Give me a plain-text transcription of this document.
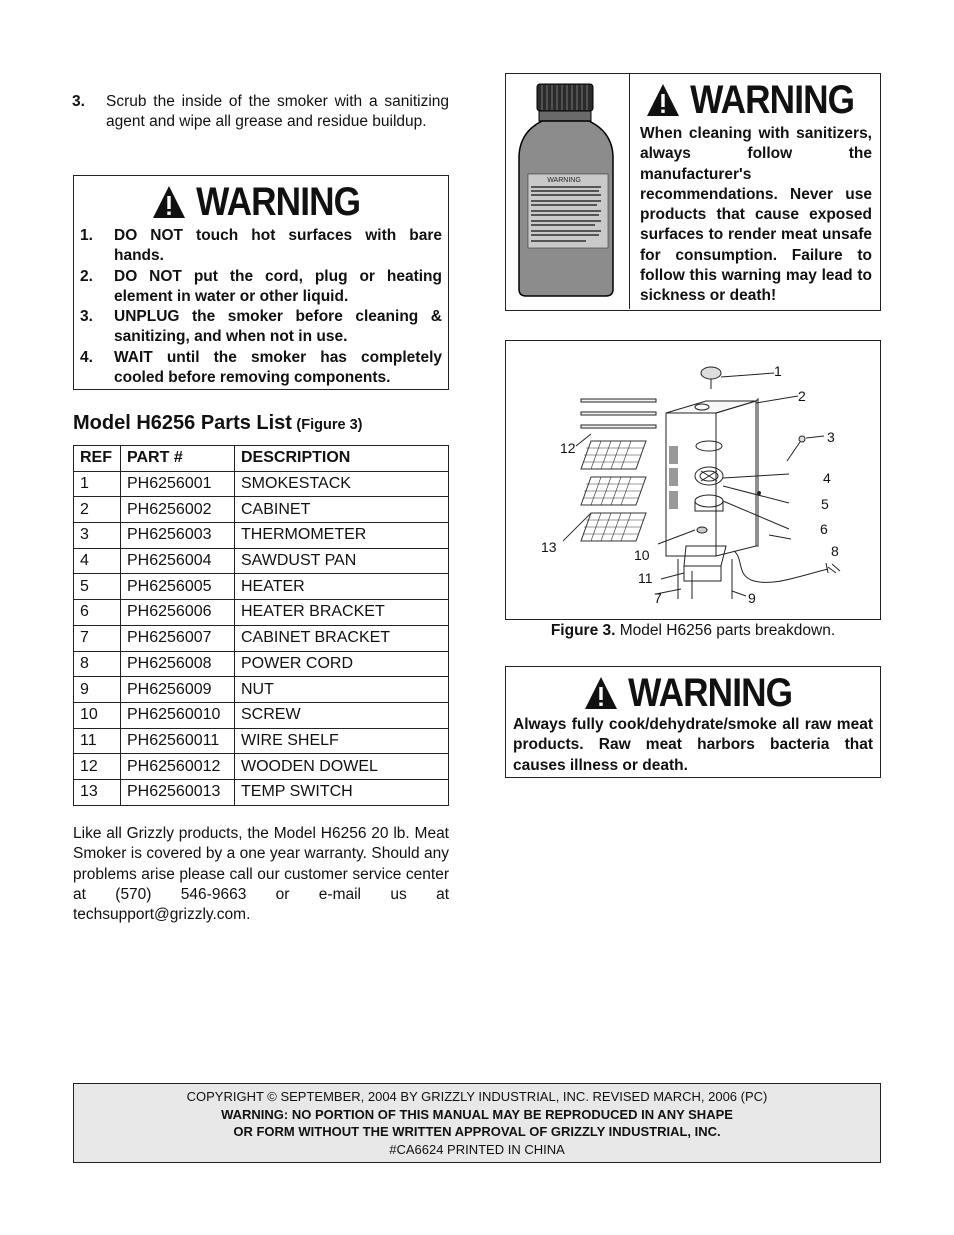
3.	Scrub the inside of the smoker with a sanitizing agent and wipe all grease and residue buildup.
WARNING
1.	DO NOT touch hot surfaces with bare hands.
2.	DO NOT put the cord, plug or heating element in water or other liquid.
3.	UNPLUG the smoker before cleaning & sanitizing, and when not in use.
4.	WAIT until the smoker has completely cooled before removing components.
Model H6256 Parts List (Figure 3)
REF	PART #	DESCRIPTION
1	PH6256001	SMOKESTACK
2	PH6256002	CABINET
3	PH6256003	THERMOMETER
4	PH6256004	SAWDUST PAN
5	PH6256005	HEATER
6	PH6256006	HEATER BRACKET
7	PH6256007	CABINET BRACKET
8	PH6256008	POWER CORD
9	PH6256009	NUT
10	PH62560010	SCREW
11	PH62560011	WIRE SHELF
12	PH62560012	WOODEN DOWEL
13	PH62560013	TEMP SWITCH
Like all Grizzly products, the Model H6256 20 lb. Meat Smoker is covered by a one year warranty. Should any problems arise please call our customer service center at (570) 546-9663 or e-mail us at techsupport@grizzly.com.
WARNING
WARNING
When cleaning with sanitizers, always follow the manufacturer's recommendations. Never use products that cause exposed surfaces to render meat unsafe for consumption. Failure to follow this warning may lead to sickness or death!
1
2
3
4
5
6
7
8
9
10
11
12
13
Figure 3. Model H6256 parts breakdown.
WARNING
Always fully cook/dehydrate/smoke all raw meat products. Raw meat harbors bacteria that causes illness or death.
COPYRIGHT © SEPTEMBER, 2004 BY GRIZZLY INDUSTRIAL, INC. REVISED MARCH, 2006 (PC)
WARNING: NO PORTION OF THIS MANUAL MAY BE REPRODUCED IN ANY SHAPE
OR FORM WITHOUT THE WRITTEN APPROVAL OF GRIZZLY INDUSTRIAL, INC.
#CA6624 PRINTED IN CHINA
